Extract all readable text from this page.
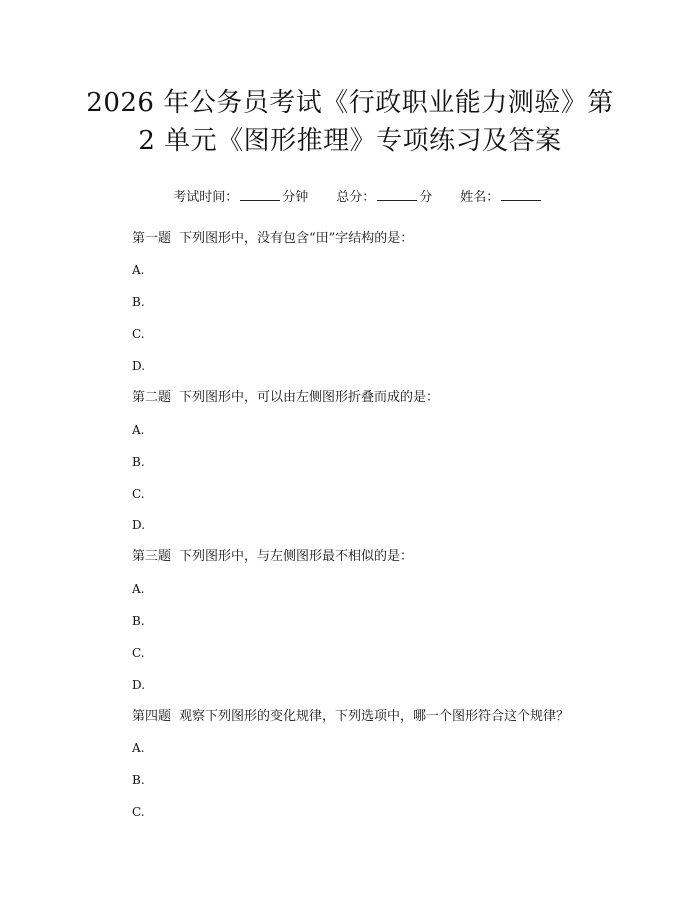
2026 年公务员考试《行政职业能力测验》第
2 单元《图形推理》专项练习及答案

考试时间：	分钟 总分：	分 姓名：

第一题 下列图形中，没有包含“田”字结构的是：
A.
B.
C.
D.
第二题 下列图形中，可以由左侧图形折叠而成的是：
A.
B.
C.
D.
第三题 下列图形中，与左侧图形最不相似的是：
A.
B.
C.
D.
第四题 观察下列图形的变化规律，下列选项中，哪一个图形符合这个规律？
A.
B.
C.
